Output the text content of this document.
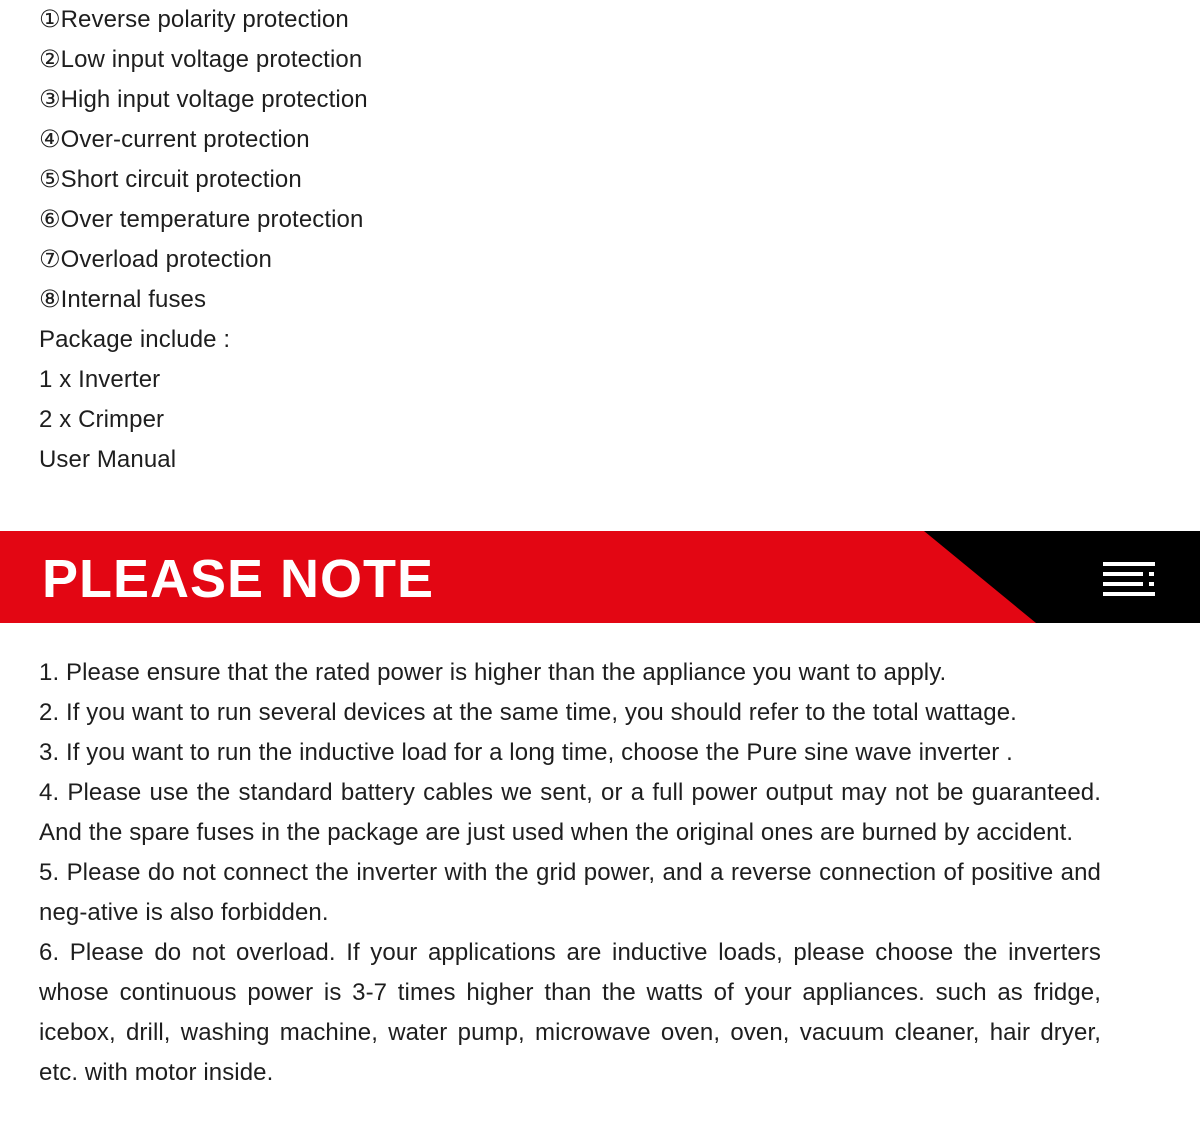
①Reverse polarity protection
②Low input voltage protection
③High input voltage protection
④Over-current protection
⑤Short circuit protection
⑥Over temperature protection
⑦Overload protection
⑧Internal fuses
Package include :
1 x Inverter
2 x Crimper
User Manual
PLEASE NOTE
1. Please ensure that the rated power is higher than the appliance you want to apply.
2. If you want to run several devices at the same time, you should refer to the total wattage.
3. If you want to run the inductive load for a long time, choose the Pure sine wave inverter .
4. Please use the standard battery cables we sent, or a full power output may not be guaranteed. And the spare fuses in the package are just used when the original ones are burned by accident.
5. Please do not connect the inverter with the grid power, and a reverse connection of positive and neg-ative is also forbidden.
6. Please do not overload. If your applications are inductive loads, please choose the inverters whose continuous power is 3-7 times higher than the watts of your appliances. such as fridge, icebox, drill, washing machine, water pump, microwave oven, oven, vacuum cleaner, hair dryer, etc. with motor inside.
